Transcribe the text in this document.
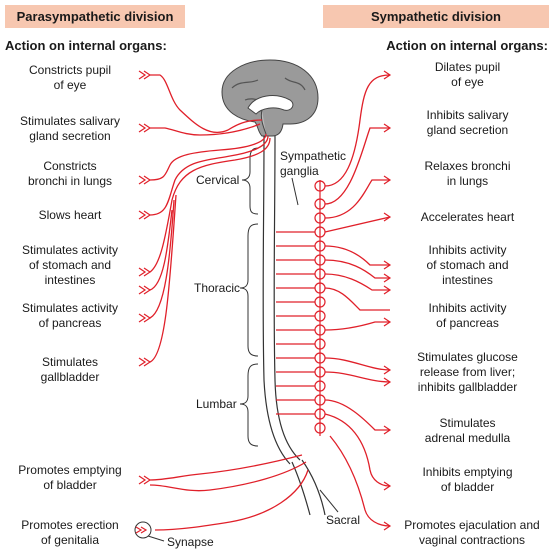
Parasympathetic division	Sympathetic division
Action on internal organs:	Action on internal organs:
Constricts pupil
of eye
Stimulates salivary
gland secretion
Constricts
bronchi in lungs
Slows heart
Stimulates activity
of stomach and
intestines
Stimulates activity
of pancreas
Stimulates
gallbladder
Promotes emptying
of bladder
Promotes erection
of genitalia
Dilates pupil
of eye
Inhibits salivary
gland secretion
Relaxes bronchi
in lungs
Accelerates heart
Inhibits activity
of stomach and
intestines
Inhibits activity
of pancreas
Stimulates glucose
release from liver;
inhibits gallbladder
Stimulates
adrenal medulla
Inhibits emptying
of bladder
Promotes ejaculation and
vaginal contractions
Cervical
Thoracic
Lumbar
Sacral
Sympathetic
ganglia
Synapse
